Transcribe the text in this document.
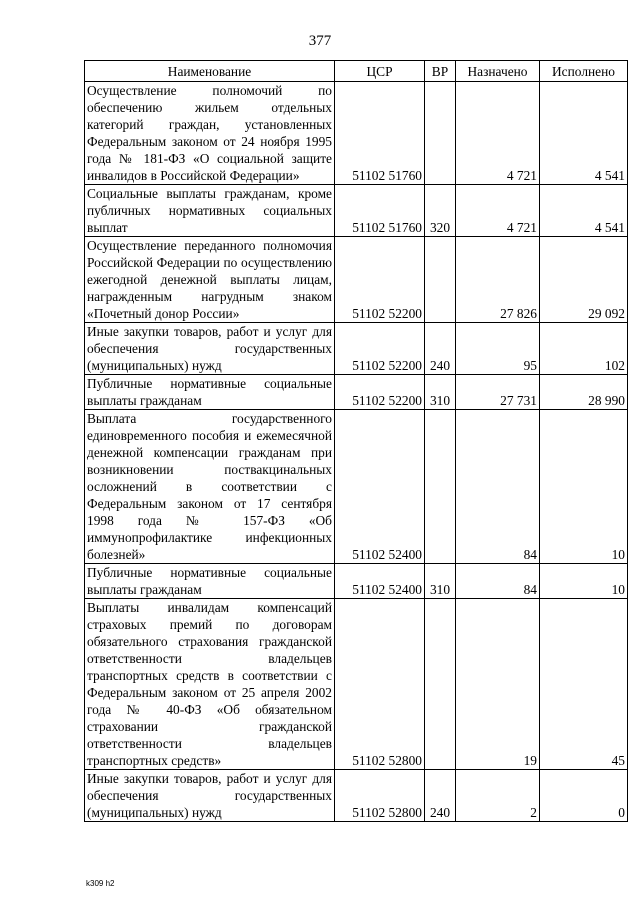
377
Наименование	ЦСР	ВР	Назначено	Исполнено
Осуществление полномочий по обеспечению жильем отдельных категорий граждан, установленных Федеральным законом от 24 ноября 1995 года № 181-ФЗ «О социальной защите инвалидов в Российской Федерации»	51102 51760		4 721	4 541
Социальные выплаты гражданам, кроме публичных нормативных социальных выплат	51102 51760	320	4 721	4 541
Осуществление переданного полномочия Российской Федерации по осуществлению ежегодной денежной выплаты лицам, награжденным нагрудным знаком «Почетный донор России»	51102 52200		27 826	29 092
Иные закупки товаров, работ и услуг для обеспечения государственных (муниципальных) нужд	51102 52200	240	95	102
Публичные нормативные социальные выплаты гражданам	51102 52200	310	27 731	28 990
Выплата государственного единовременного пособия и ежемесячной денежной компенсации гражданам при возникновении поствакцинальных осложнений в соответствии с Федеральным законом от 17 сентября 1998 года № 157-ФЗ «Об иммунопрофилактике инфекционных болезней»	51102 52400		84	10
Публичные нормативные социальные выплаты гражданам	51102 52400	310	84	10
Выплаты инвалидам компенсаций страховых премий по договорам обязательного страхования гражданской ответственности владельцев транспортных средств в соответствии с Федеральным законом от 25 апреля 2002 года № 40-ФЗ «Об обязательном страховании гражданской ответственности владельцев транспортных средств»	51102 52800		19	45
Иные закупки товаров, работ и услуг для обеспечения государственных (муниципальных) нужд	51102 52800	240	2	0
k309 h2
